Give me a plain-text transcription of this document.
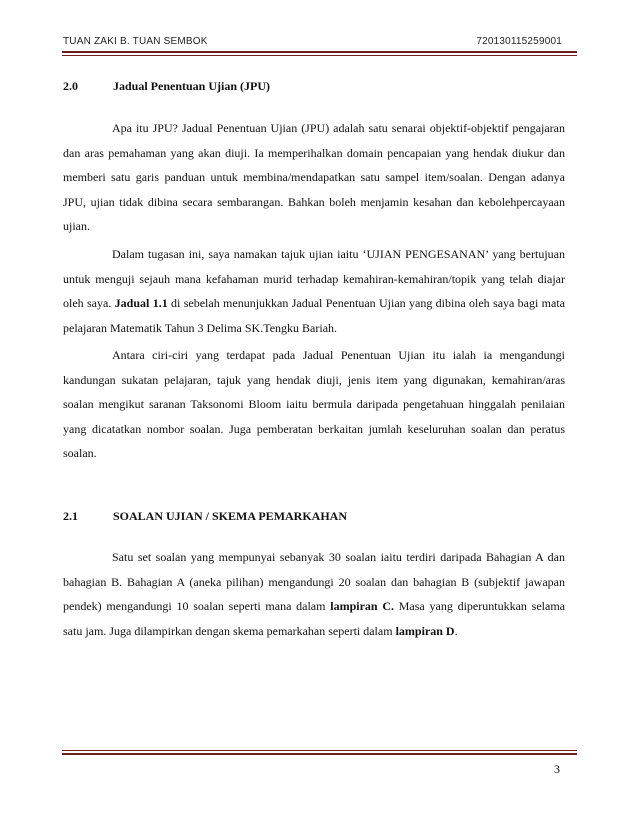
TUAN ZAKI B. TUAN SEMBOK	720130115259001
2.0	Jadual Penentuan Ujian (JPU)
Apa itu JPU? Jadual Penentuan Ujian (JPU) adalah satu senarai objektif-objektif pengajaran dan aras pemahaman yang akan diuji. Ia memperihalkan domain pencapaian yang hendak diukur dan memberi satu garis panduan untuk membina/mendapatkan satu sampel item/soalan. Dengan adanya JPU, ujian tidak dibina secara sembarangan. Bahkan boleh menjamin kesahan dan kebolehpercayaan ujian.
Dalam tugasan ini, saya namakan tajuk ujian iaitu ‘UJIAN PENGESANAN’ yang bertujuan untuk menguji sejauh mana kefahaman murid terhadap kemahiran-kemahiran/topik yang telah diajar oleh saya. Jadual 1.1 di sebelah menunjukkan Jadual Penentuan Ujian yang dibina oleh saya bagi mata pelajaran Matematik Tahun 3 Delima SK.Tengku Bariah.
Antara ciri-ciri yang terdapat pada Jadual Penentuan Ujian itu ialah ia mengandungi kandungan sukatan pelajaran, tajuk yang hendak diuji, jenis item yang digunakan, kemahiran/aras soalan mengikut saranan Taksonomi Bloom iaitu bermula daripada pengetahuan hinggalah penilaian yang dicatatkan nombor soalan. Juga pemberatan berkaitan jumlah keseluruhan soalan dan peratus soalan.
2.1	SOALAN UJIAN / SKEMA PEMARKAHAN
Satu set soalan yang mempunyai sebanyak 30 soalan iaitu terdiri daripada Bahagian A dan bahagian B. Bahagian A (aneka pilihan) mengandungi 20 soalan dan bahagian B (subjektif jawapan pendek) mengandungi 10 soalan seperti mana dalam lampiran C. Masa yang diperuntukkan selama satu jam. Juga dilampirkan dengan skema pemarkahan seperti dalam lampiran D.
3
